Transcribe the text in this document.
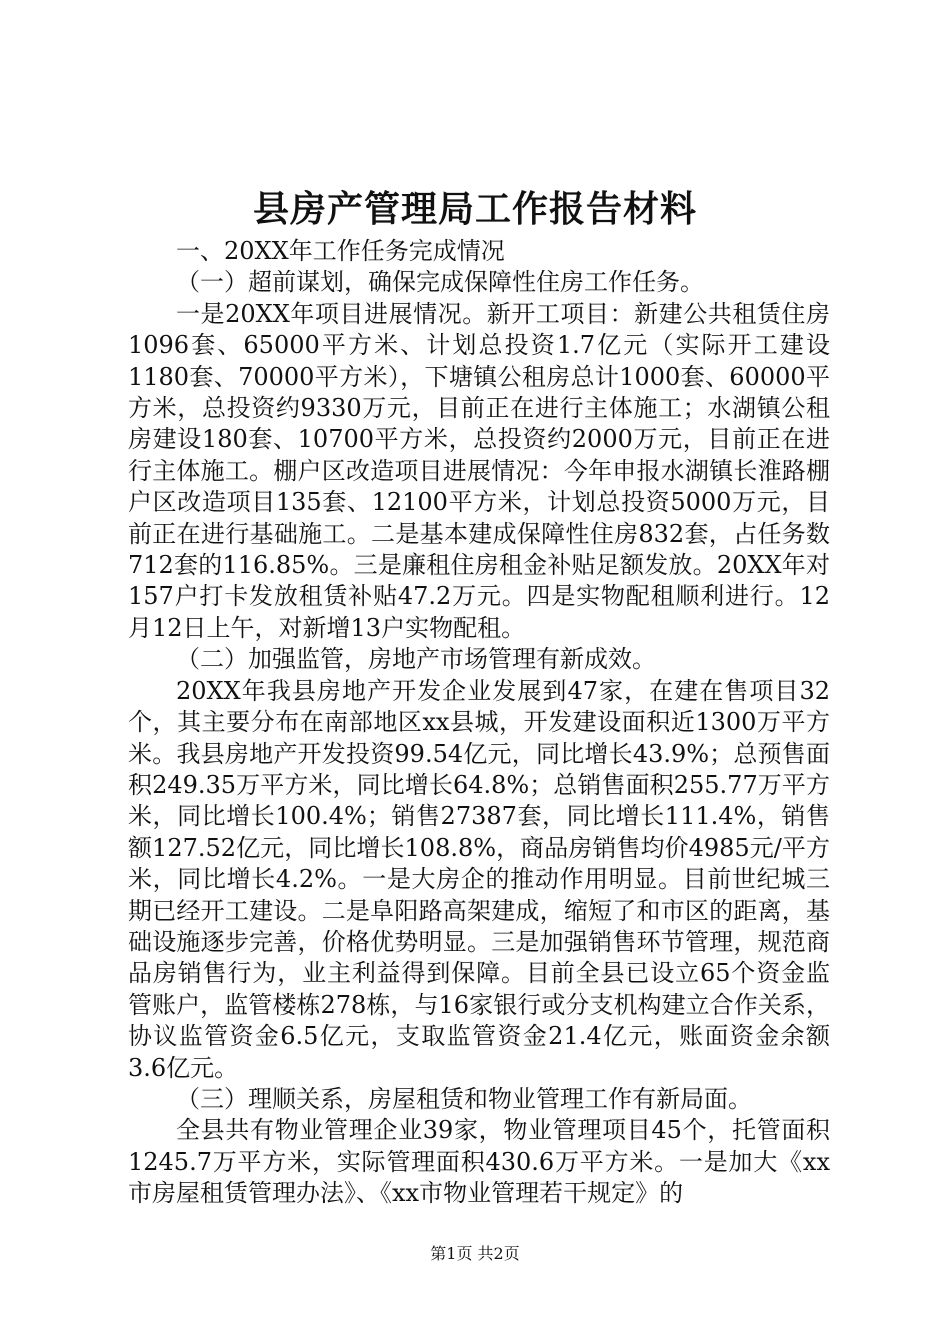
县房产管理局工作报告材料

一、20XX年工作任务完成情况

（一）超前谋划，确保完成保障性住房工作任务。

一是20XX年项目进展情况。新开工项目：新建公共租赁住房1096套、65000平方米、计划总投资1.7亿元（实际开工建设1180套、70000平方米），下塘镇公租房总计1000套、60000平方米，总投资约9330万元，目前正在进行主体施工；水湖镇公租房建设180套、10700平方米，总投资约2000万元，目前正在进行主体施工。棚户区改造项目进展情况：今年申报水湖镇长淮路棚户区改造项目135套、12100平方米，计划总投资5000万元，目前正在进行基础施工。二是基本建成保障性住房832套，占任务数712套的116.85%。三是廉租住房租金补贴足额发放。20XX年对157户打卡发放租赁补贴47.2万元。四是实物配租顺利进行。12月12日上午，对新增13户实物配租。

（二）加强监管，房地产市场管理有新成效。

20XX年我县房地产开发企业发展到47家，在建在售项目32个，其主要分布在南部地区xx县城，开发建设面积近1300万平方米。我县房地产开发投资99.54亿元，同比增长43.9%；总预售面积249.35万平方米，同比增长64.8%；总销售面积255.77万平方米，同比增长100.4%；销售27387套，同比增长111.4%，销售额127.52亿元，同比增长108.8%，商品房销售均价4985元/平方米，同比增长4.2%。一是大房企的推动作用明显。目前世纪城三期已经开工建设。二是阜阳路高架建成，缩短了和市区的距离，基础设施逐步完善，价格优势明显。三是加强销售环节管理，规范商品房销售行为，业主利益得到保障。目前全县已设立65个资金监管账户，监管楼栋278栋，与16家银行或分支机构建立合作关系，协议监管资金6.5亿元，支取监管资金21.4亿元，账面资金余额3.6亿元。

（三）理顺关系，房屋租赁和物业管理工作有新局面。

全县共有物业管理企业39家，物业管理项目45个，托管面积1245.7万平方米，实际管理面积430.6万平方米。一是加大《xx市房屋租赁管理办法》、《xx市物业管理若干规定》的

第1页 共2页
